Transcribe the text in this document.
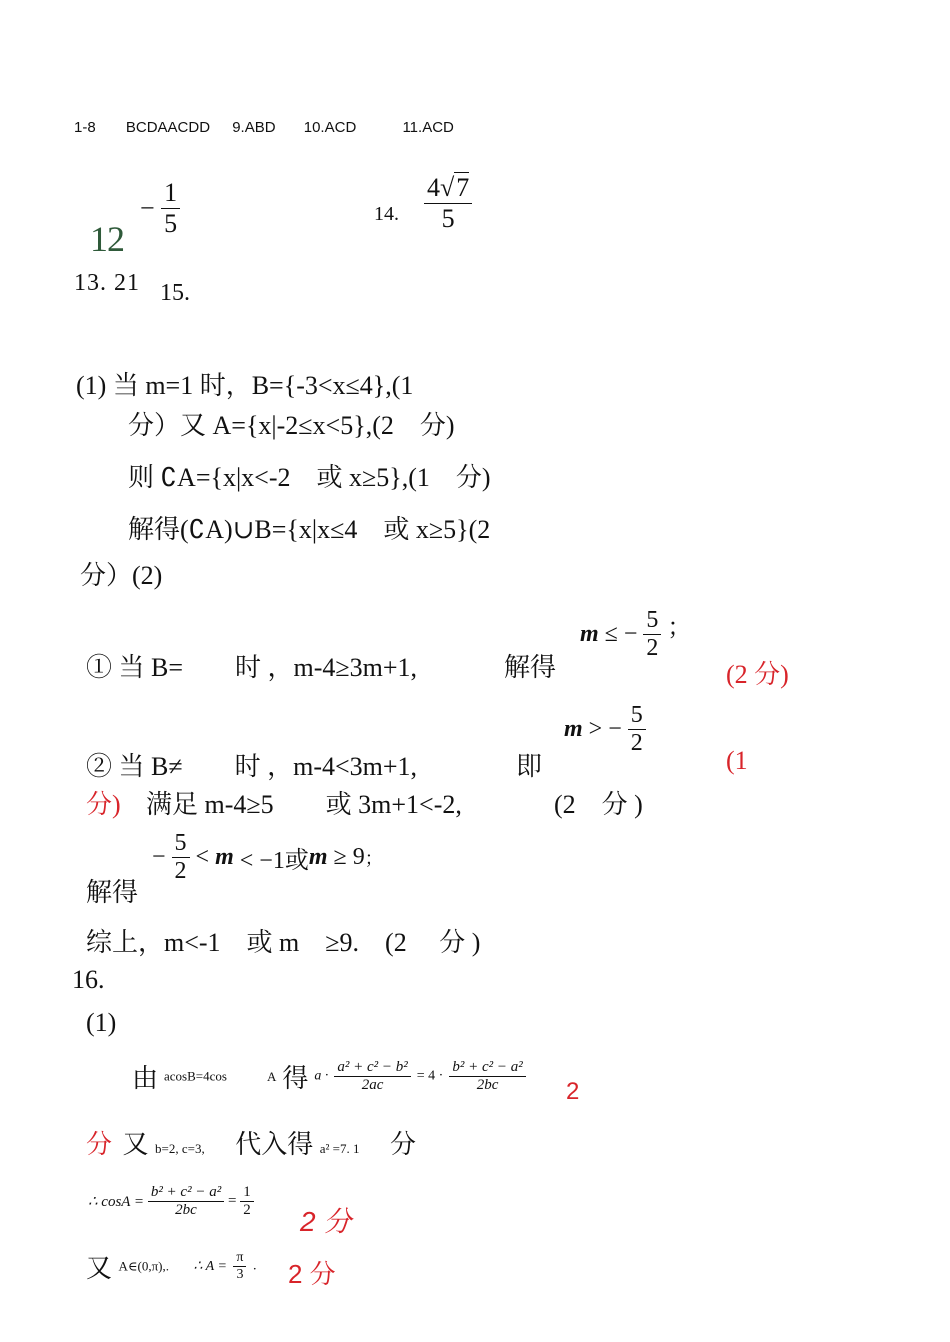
1-8 BCDAACDD 9.ABD 10.ACD	11.ACD
12
− $\frac{1}{5}$	14. $\frac{4√7}{5}$
13. 21 15.
(1) 当 m=1 时，B={-3<x≤4},(1
分）又 A={x|-2≤x<5},(2　分)
则 ∁A={x|x<-2　或 x≥5},(1　分)
解得(∁A)∪B={x|x≤4　或 x≥5}(2
分）(2)
① 当 B=　　时 ，m-4≥3m+1,	解得
m ≤ − $\frac{5}{2}$ ；
(2 分)
② 当 B≠　　时 ，m-4<3m+1,	即
m > − $\frac{5}{2}$
(1
分) 满足 m-4≥5　　或 3m+1<-2,	(2　分 )
解得
− $\frac{5}{2} < m < -1$或m ≥ 9；
综上，m<-1　或 m　≥9.　(2　 分 )
16.
(1)
由 acosB=4cos	A 得 $a \cdot \frac{\text{a² + c² − b²}}{2ac} = 4 \cdot \frac{\text{b² + c² − a²}}{2bc} 2$
分 又 b=2, c=3, 代入得 a² =7. 1 分
∴ $\cos A = \frac{\text{b² + c² − a²}}{2bc} = \frac{1}{2}$
2 分
又 A∈(0,π),. ∴ $A = \frac{\pi}{3}$ . 2 分
